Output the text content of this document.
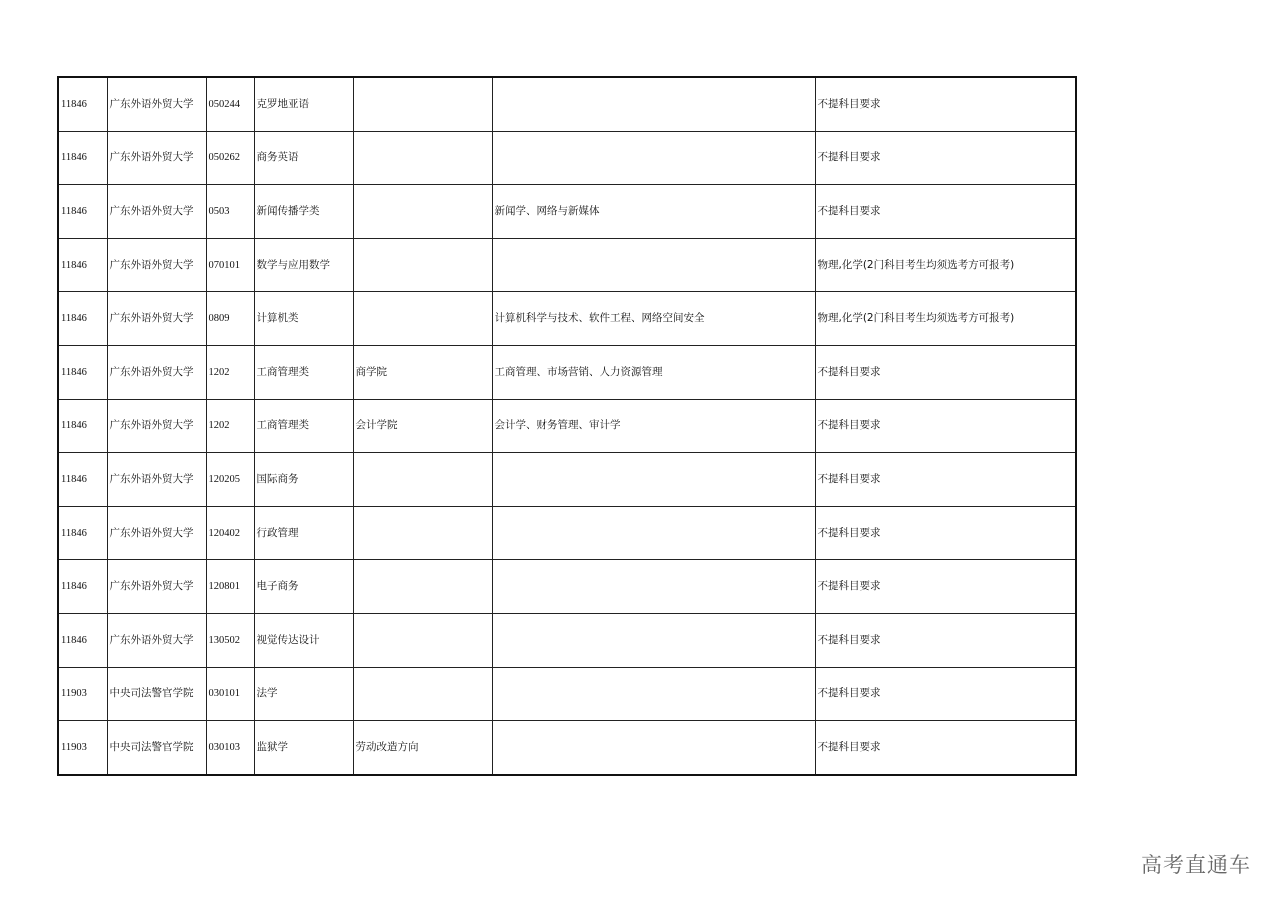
11846	广东外语外贸大学	050244	克罗地亚语			不提科目要求
11846	广东外语外贸大学	050262	商务英语			不提科目要求
11846	广东外语外贸大学	0503	新闻传播学类		新闻学、网络与新媒体	不提科目要求
11846	广东外语外贸大学	070101	数学与应用数学			物理,化学(2门科目考生均须选考方可报考)
11846	广东外语外贸大学	0809	计算机类		计算机科学与技术、软件工程、网络空间安全	物理,化学(2门科目考生均须选考方可报考)
11846	广东外语外贸大学	1202	工商管理类	商学院	工商管理、市场营销、人力资源管理	不提科目要求
11846	广东外语外贸大学	1202	工商管理类	会计学院	会计学、财务管理、审计学	不提科目要求
11846	广东外语外贸大学	120205	国际商务			不提科目要求
11846	广东外语外贸大学	120402	行政管理			不提科目要求
11846	广东外语外贸大学	120801	电子商务			不提科目要求
11846	广东外语外贸大学	130502	视觉传达设计			不提科目要求
11903	中央司法警官学院	030101	法学			不提科目要求
11903	中央司法警官学院	030103	监狱学	劳动改造方向		不提科目要求
高考直通车
